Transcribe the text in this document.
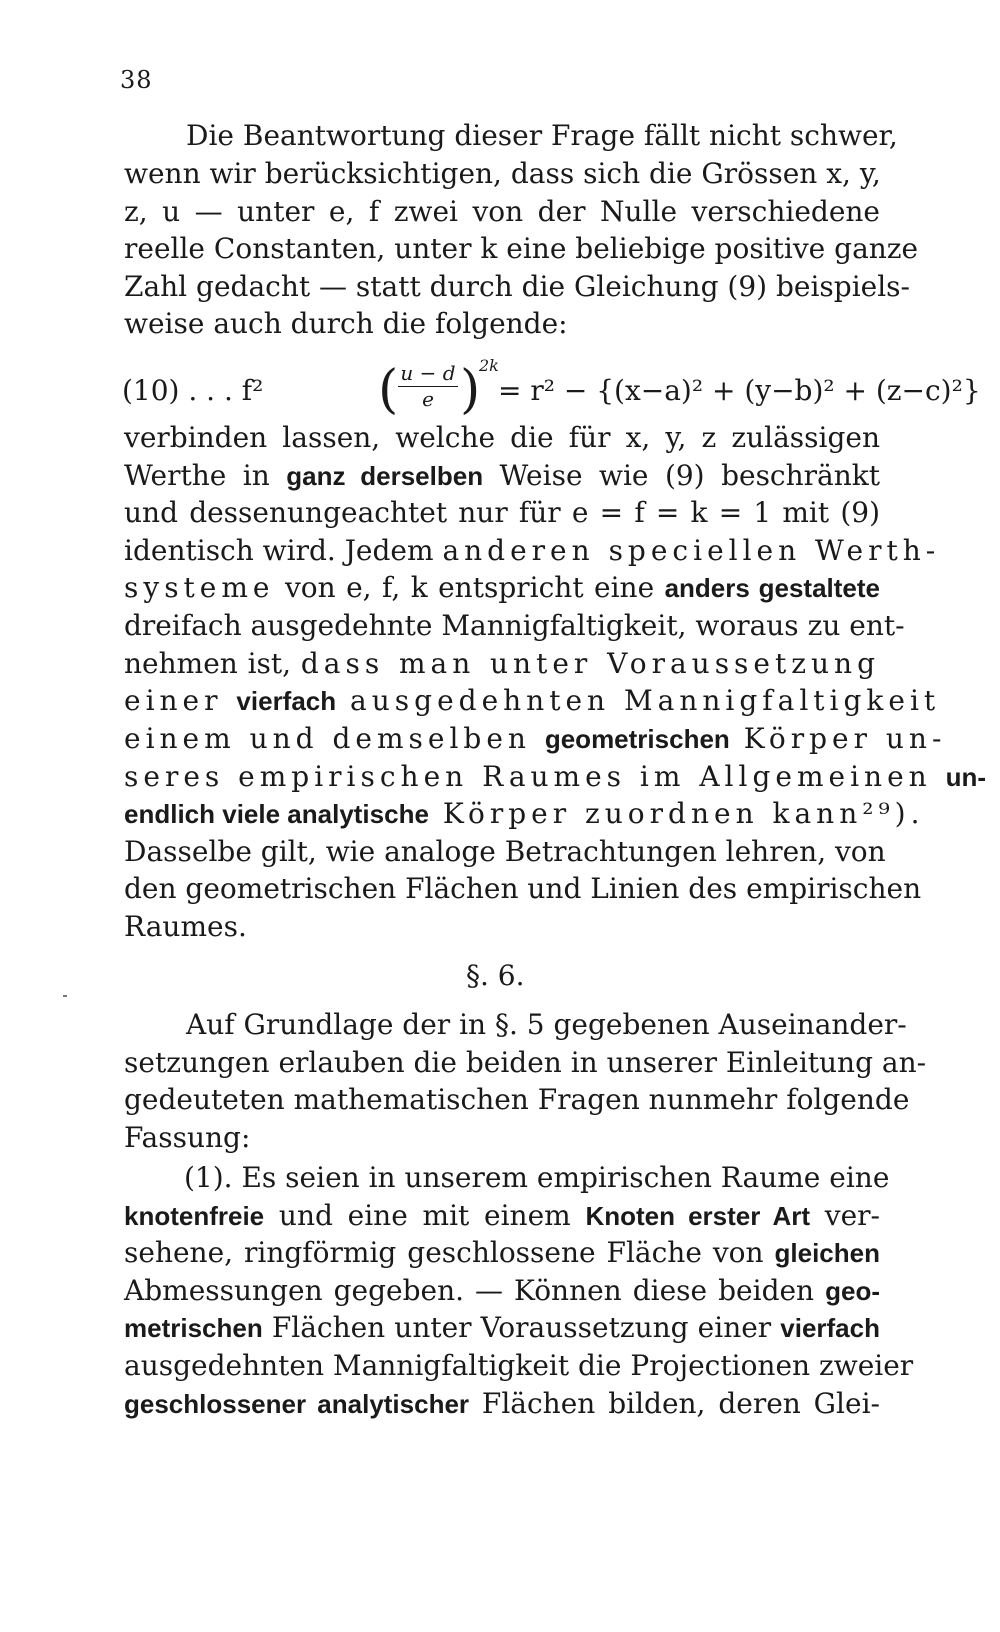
38
Die Beantwortung dieser Frage fällt nicht schwer,
wenn wir berücksichtigen, dass sich die Grössen x, y,
z, u — unter e, f zwei von der Nulle verschiedene
reelle Constanten, unter k eine beliebige positive ganze
Zahl gedacht — statt durch die Gleichung (9) beispiels-
weise auch durch die folgende:
(10) . . . f² ( $\frac{u - d}{e}$ )
2k
= r² − {(x−a)² + (y−b)² + (z−c)²}
verbinden lassen, welche die für x, y, z zulässigen
Werthe in ganz derselben Weise wie (9) beschränkt
und dessenungeachtet nur für e = f = k = 1 mit (9)
identisch wird. Jedem anderen speciellen Werth-
systeme von e, f, k entspricht eine anders gestaltete
dreifach ausgedehnte Mannigfaltigkeit, woraus zu ent-
nehmen ist, dass man unter Voraussetzung
einer vierfach ausgedehnten Mannigfaltigkeit
einem und demselben geometrischen Körper un-
seres empirischen Raumes im Allgemeinen un-
endlich viele analytische Körper zuordnen kann²⁹).
Dasselbe gilt, wie analoge Betrachtungen lehren, von
den geometrischen Flächen und Linien des empirischen
Raumes.
§. 6.
Auf Grundlage der in §. 5 gegebenen Auseinander-
setzungen erlauben die beiden in unserer Einleitung an-
gedeuteten mathematischen Fragen nunmehr folgende
Fassung:
(1). Es seien in unserem empirischen Raume eine
knotenfreie und eine mit einem Knoten erster Art ver-
sehene, ringförmig geschlossene Fläche von gleichen
Abmessungen gegeben. — Können diese beiden geo-
metrischen Flächen unter Voraussetzung einer vierfach
ausgedehnten Mannigfaltigkeit die Projectionen zweier
geschlossener analytischer Flächen bilden, deren Glei-
